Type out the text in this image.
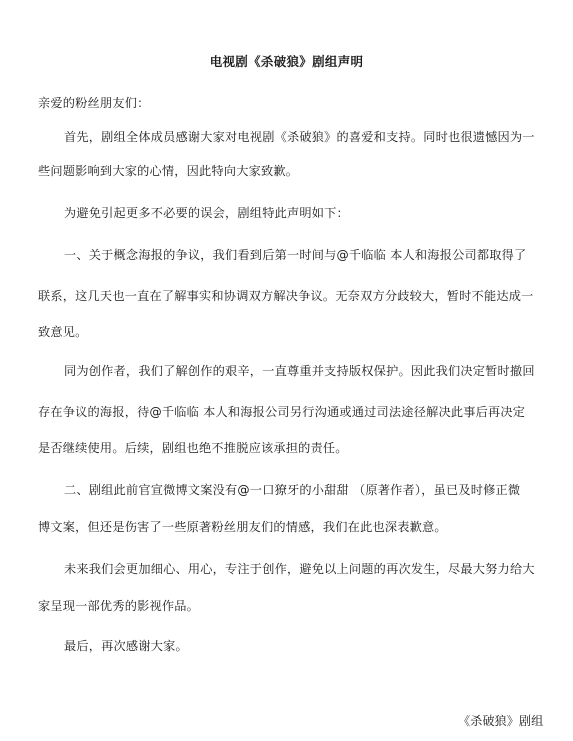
电视剧《杀破狼》剧组声明
亲爱的粉丝朋友们：
首先，剧组全体成员感谢大家对电视剧《杀破狼》的喜爱和支持。同时也很遗憾因为一
些问题影响到大家的心情，因此特向大家致歉。
为避免引起更多不必要的误会，剧组特此声明如下：
一、关于概念海报的争议，我们看到后第一时间与@千临临 本人和海报公司都取得了
联系，这几天也一直在了解事实和协调双方解决争议。无奈双方分歧较大，暂时不能达成一
致意见。
同为创作者，我们了解创作的艰辛，一直尊重并支持版权保护。因此我们决定暂时撤回
存在争议的海报，待@千临临 本人和海报公司另行沟通或通过司法途径解决此事后再决定
是否继续使用。后续，剧组也绝不推脱应该承担的责任。
二、剧组此前官宣微博文案没有@一口獠牙的小甜甜 （原著作者），虽已及时修正微
博文案，但还是伤害了一些原著粉丝朋友们的情感，我们在此也深表歉意。
未来我们会更加细心、用心，专注于创作，避免以上问题的再次发生，尽最大努力给大
家呈现一部优秀的影视作品。
最后，再次感谢大家。
《杀破狼》剧组
